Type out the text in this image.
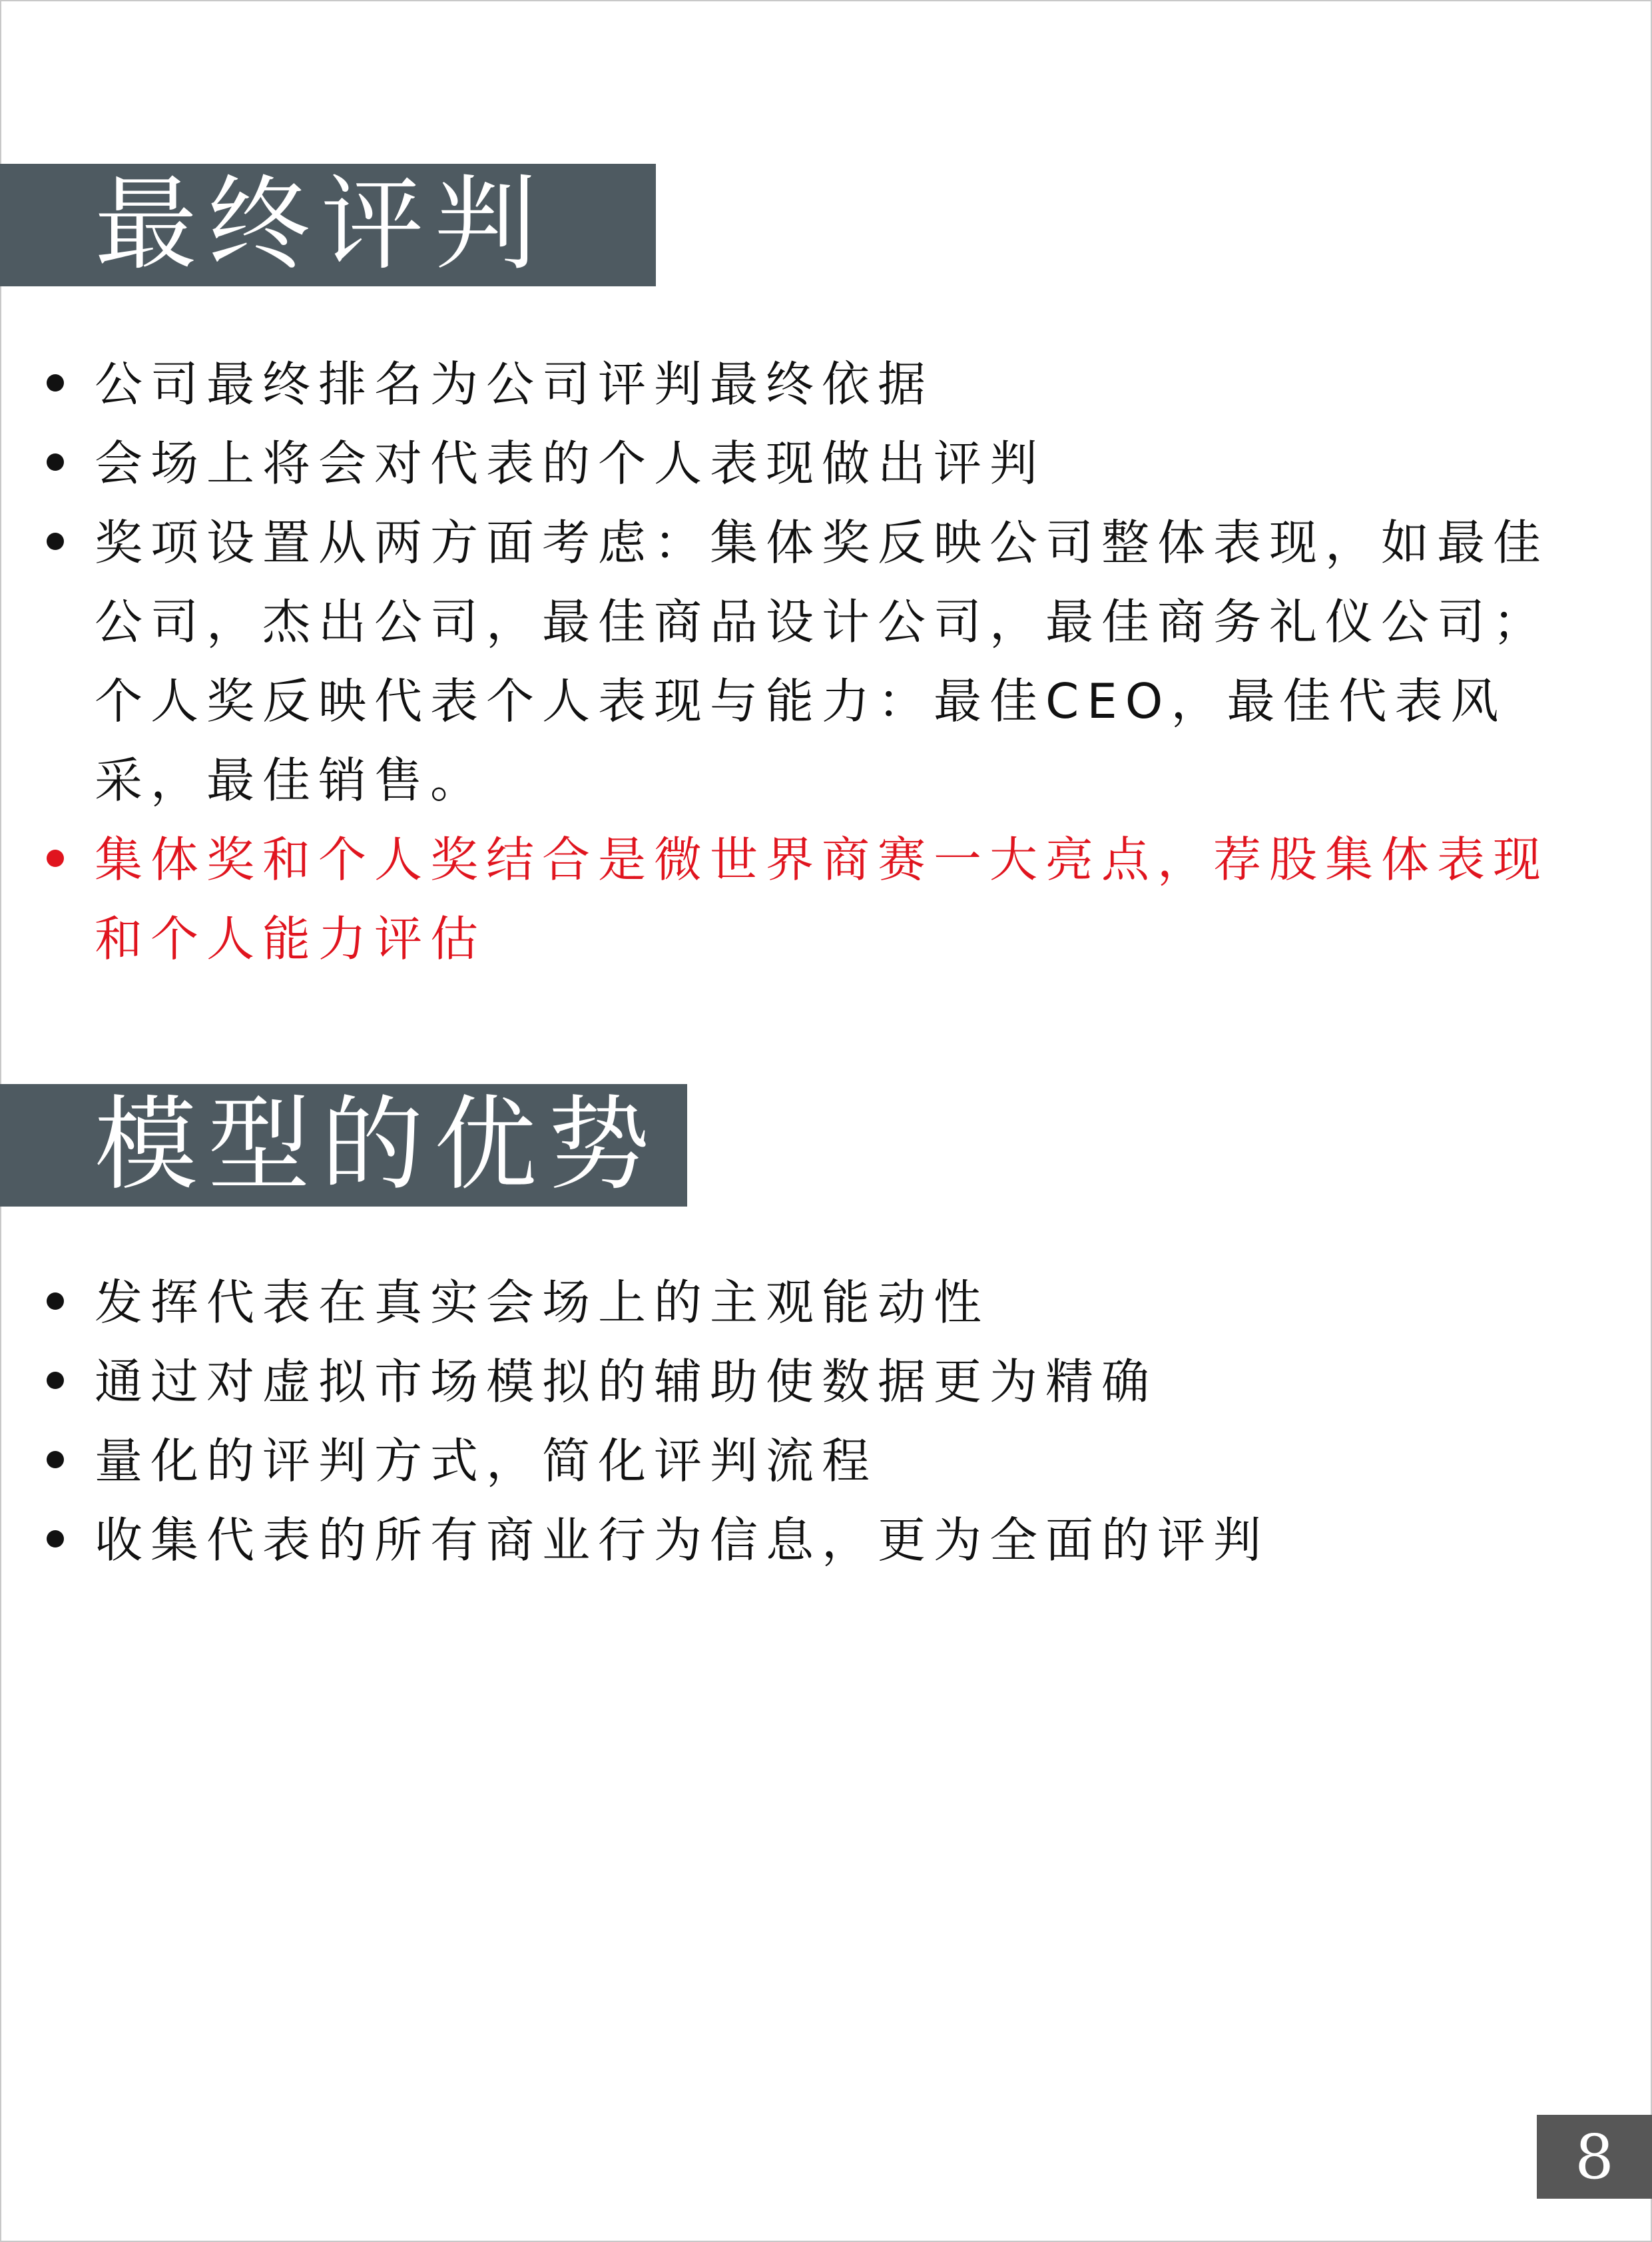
最终评判
公司最终排名为公司评判最终依据
会场上将会对代表的个人表现做出评判
奖项设置从两方面考虑：集体奖反映公司整体表现，如最佳公司，杰出公司，最佳商品设计公司，最佳商务礼仪公司；个人奖反映代表个人表现与能力：最佳CEO，最佳代表风采，最佳销售。
集体奖和个人奖结合是微世界商赛一大亮点，荐股集体表现和个人能力评估
模型的优势
发挥代表在真实会场上的主观能动性
通过对虚拟市场模拟的辅助使数据更为精确
量化的评判方式，简化评判流程
收集代表的所有商业行为信息，更为全面的评判
8
